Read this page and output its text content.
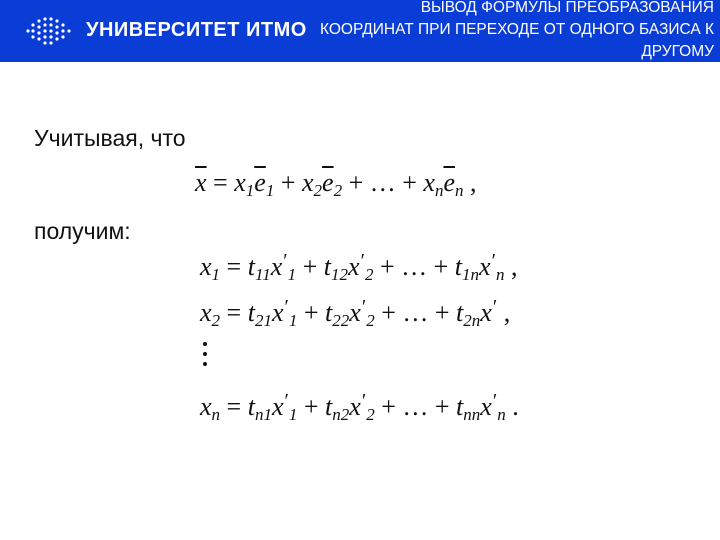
УНИВЕРСИТЕТ ИТМО
ВЫВОД ФОРМУЛЫ ПРЕОБРАЗОВАНИЯ
КООРДИНАТ ПРИ ПЕРЕХОДЕ ОТ ОДНОГО БАЗИСА К
ДРУГОМУ
Учитывая, что
$\overline{x} = x_1\overline{e}_1 + x_2\overline{e}_2$ + … + $x_n\overline{e}_n$ ,
получим:
$x_1 = t_{11}x'_1 + t_{12}x'_2$ + … + $t_{1n}x'_n$ ,
$x_2 = t_{21}x'_1 + t_{22}x'_2$ + … + $t_{2n}x'$ ,
$x_n = t_{n1}x'_1 + t_{n2}x'_2$ + … + $t_{nn}x'_n$ .
